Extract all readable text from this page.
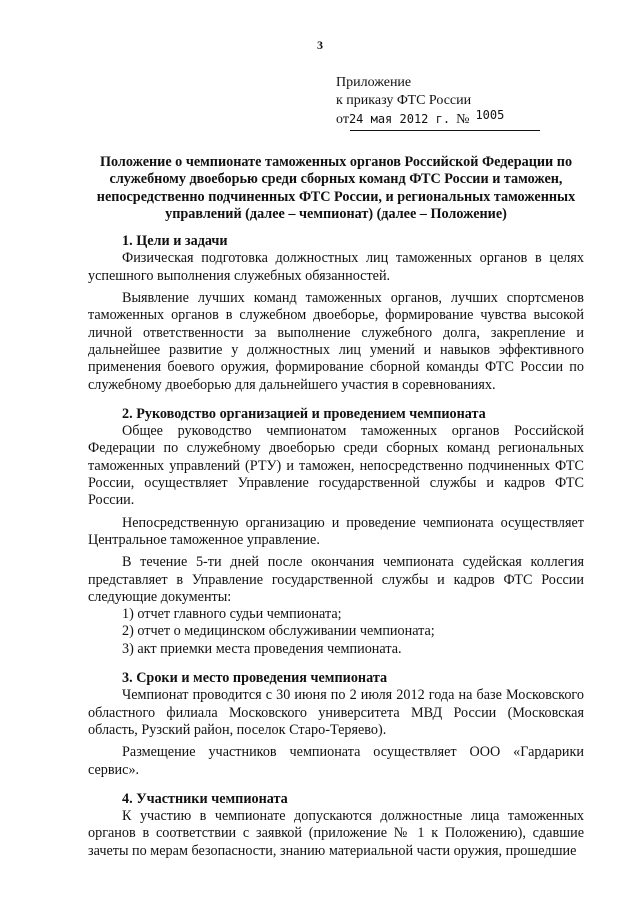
3
Приложение
к приказу ФТС России
от24 мая 2012 г. № 1005

Положение о чемпионате таможенных органов Российской Федерации по служебному двоеборью среди сборных команд ФТС России и таможен, непосредственно подчиненных ФТС России, и региональных таможенных управлений (далее – чемпионат) (далее – Положение)

1. Цели и задачи

Физическая подготовка должностных лиц таможенных органов в целях успешного выполнения служебных обязанностей.

Выявление лучших команд таможенных органов, лучших спортсменов таможенных органов в служебном двоеборье, формирование чувства высокой личной ответственности за выполнение служебного долга, закрепление и дальнейшее развитие у должностных лиц умений и навыков эффективного применения боевого оружия, формирование сборной команды ФТС России по служебному двоеборью для дальнейшего участия в соревнованиях.

2. Руководство организацией и проведением чемпионата

Общее руководство чемпионатом таможенных органов Российской Федерации по служебному двоеборью среди сборных команд региональных таможенных управлений (РТУ) и таможен, непосредственно подчиненных ФТС России, осуществляет Управление государственной службы и кадров ФТС России.

Непосредственную организацию и проведение чемпионата осуществляет Центральное таможенное управление.

В течение 5-ти дней после окончания чемпионата судейская коллегия представляет в Управление государственной службы и кадров ФТС России следующие документы:

1) отчет главного судьи чемпионата;

2) отчет о медицинском обслуживании чемпионата;

3) акт приемки места проведения чемпионата.

3. Сроки и место проведения чемпионата

Чемпионат проводится с 30 июня по 2 июля 2012 года на базе Московского областного филиала Московского университета МВД России (Московская область, Рузский район, поселок Старо-Теряево).

Размещение участников чемпионата осуществляет ООО «Гардарики сервис».

4. Участники чемпионата

К участию в чемпионате допускаются должностные лица таможенных органов в соответствии с заявкой (приложение № 1 к Положению), сдавшие зачеты по мерам безопасности, знанию материальной части оружия, прошедшие
